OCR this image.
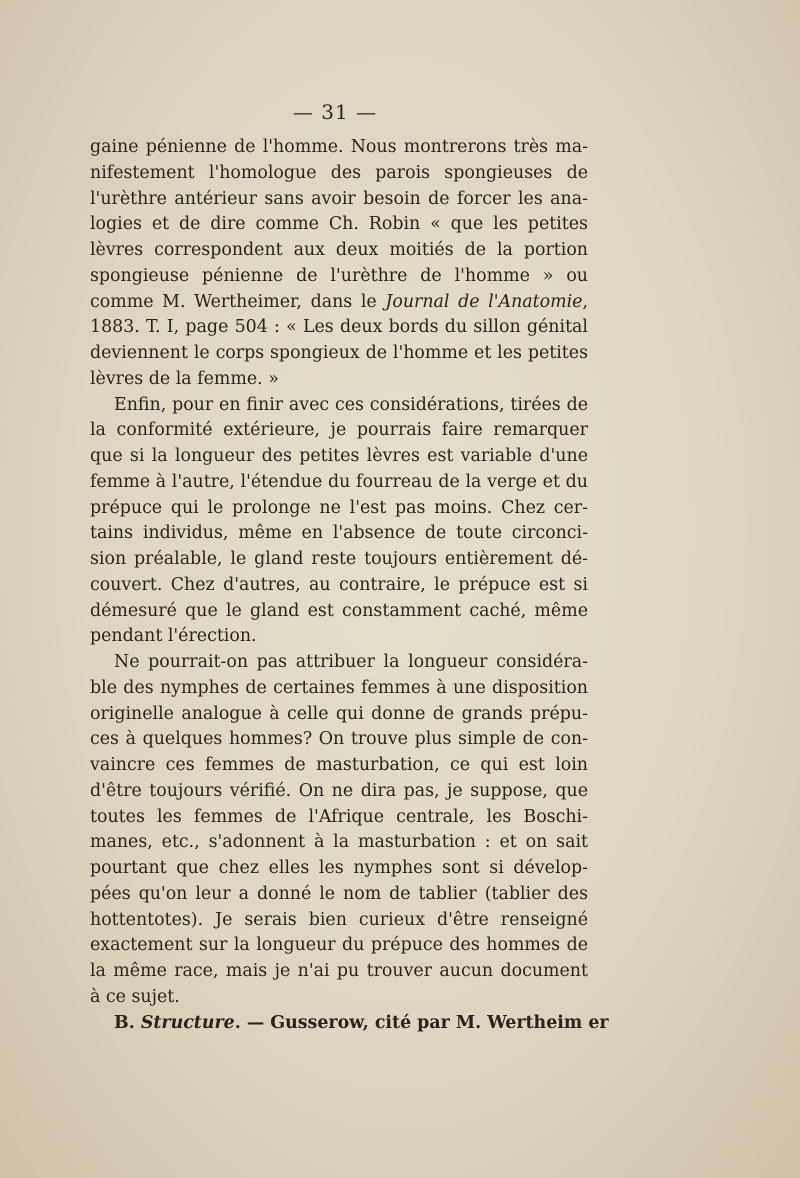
— 31 —
gaine pénienne de l'homme. Nous montrerons très ma-
nifestement l'homologue des parois spongieuses de
l'urèthre antérieur sans avoir besoin de forcer les ana-
logies et de dire comme Ch. Robin « que les petites
lèvres correspondent aux deux moitiés de la portion
spongieuse pénienne de l'urèthre de l'homme » ou
comme M. Wertheimer, dans le Journal de l'Anatomie,
1883. T. I, page 504 : « Les deux bords du sillon génital
deviennent le corps spongieux de l'homme et les petites
lèvres de la femme. »
Enfin, pour en finir avec ces considérations, tirées de
la conformité extérieure, je pourrais faire remarquer
que si la longueur des petites lèvres est variable d'une
femme à l'autre, l'étendue du fourreau de la verge et du
prépuce qui le prolonge ne l'est pas moins. Chez cer-
tains individus, même en l'absence de toute circonci-
sion préalable, le gland reste toujours entièrement dé-
couvert. Chez d'autres, au contraire, le prépuce est si
démesuré que le gland est constamment caché, même
pendant l'érection.
Ne pourrait-on pas attribuer la longueur considéra-
ble des nymphes de certaines femmes à une disposition
originelle analogue à celle qui donne de grands prépu-
ces à quelques hommes? On trouve plus simple de con-
vaincre ces femmes de masturbation, ce qui est loin
d'être toujours vérifié. On ne dira pas, je suppose, que
toutes les femmes de l'Afrique centrale, les Boschi-
manes, etc., s'adonnent à la masturbation : et on sait
pourtant que chez elles les nymphes sont si dévelop-
pées qu'on leur a donné le nom de tablier (tablier des
hottentotes). Je serais bien curieux d'être renseigné
exactement sur la longueur du prépuce des hommes de
la même race, mais je n'ai pu trouver aucun document
à ce sujet.
B. Structure. — Gusserow, cité par M. Wertheim er
